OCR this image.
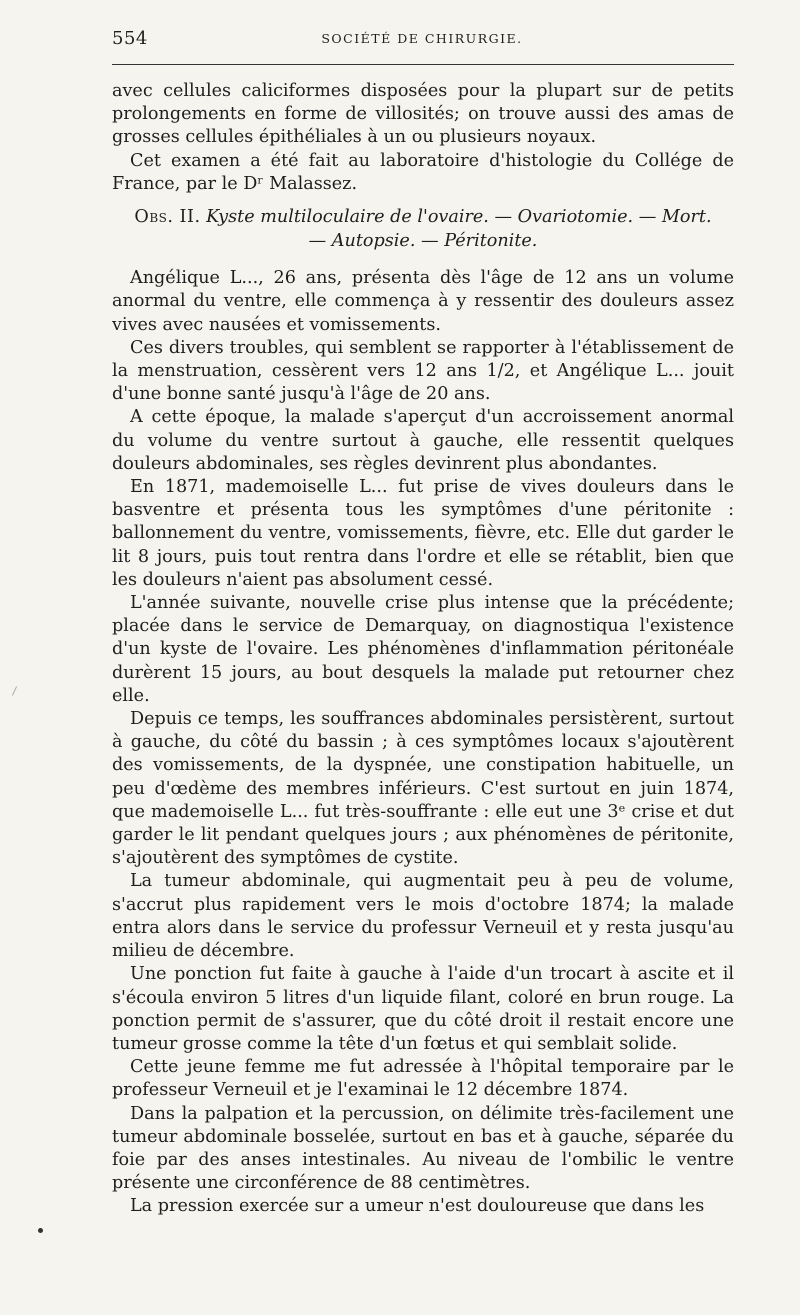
554	SOCIÉTÉ DE CHIRURGIE.

avec cellules caliciformes disposées pour la plupart sur de petits prolongements en forme de villosités; on trouve aussi des amas de grosses cellules épithéliales à un ou plusieurs noyaux.

Cet examen a été fait au laboratoire d'histologie du Collége de France, par le Dʳ Malassez.

Obs. II. Kyste multiloculaire de l'ovaire. — Ovariotomie. — Mort.
— Autopsie. — Péritonite.

Angélique L..., 26 ans, présenta dès l'âge de 12 ans un volume anormal du ventre, elle commença à y ressentir des douleurs assez vives avec nausées et vomissements.

Ces divers troubles, qui semblent se rapporter à l'établissement de la menstruation, cessèrent vers 12 ans 1/2, et Angélique L... jouit d'une bonne santé jusqu'à l'âge de 20 ans.

A cette époque, la malade s'aperçut d'un accroissement anormal du volume du ventre surtout à gauche, elle ressentit quelques douleurs abdominales, ses règles devinrent plus abondantes.

En 1871, mademoiselle L... fut prise de vives douleurs dans le basventre et présenta tous les symptômes d'une péritonite : ballonnement du ventre, vomissements, fièvre, etc. Elle dut garder le lit 8 jours, puis tout rentra dans l'ordre et elle se rétablit, bien que les douleurs n'aient pas absolument cessé.

L'année suivante, nouvelle crise plus intense que la précédente; placée dans le service de Demarquay, on diagnostiqua l'existence d'un kyste de l'ovaire. Les phénomènes d'inflammation péritonéale durèrent 15 jours, au bout desquels la malade put retourner chez elle.

Depuis ce temps, les souffrances abdominales persistèrent, surtout à gauche, du côté du bassin ; à ces symptômes locaux s'ajoutèrent des vomissements, de la dyspnée, une constipation habituelle, un peu d'œdème des membres inférieurs. C'est surtout en juin 1874, que mademoiselle L... fut très-souffrante : elle eut une 3ᵉ crise et dut garder le lit pendant quelques jours ; aux phénomènes de péritonite, s'ajoutèrent des symptômes de cystite.

La tumeur abdominale, qui augmentait peu à peu de volume, s'accrut plus rapidement vers le mois d'octobre 1874; la malade entra alors dans le service du professur Verneuil et y resta jusqu'au milieu de décembre.

Une ponction fut faite à gauche à l'aide d'un trocart à ascite et il s'écoula environ 5 litres d'un liquide filant, coloré en brun rouge. La ponction permit de s'assurer, que du côté droit il restait encore une tumeur grosse comme la tête d'un fœtus et qui semblait solide.

Cette jeune femme me fut adressée à l'hôpital temporaire par le professeur Verneuil et je l'examinai le 12 décembre 1874.

Dans la palpation et la percussion, on délimite très-facilement une tumeur abdominale bosselée, surtout en bas et à gauche, séparée du foie par des anses intestinales. Au niveau de l'ombilic le ventre présente une circonférence de 88 centimètres.

La pression exercée sur a umeur n'est douloureuse que dans les
